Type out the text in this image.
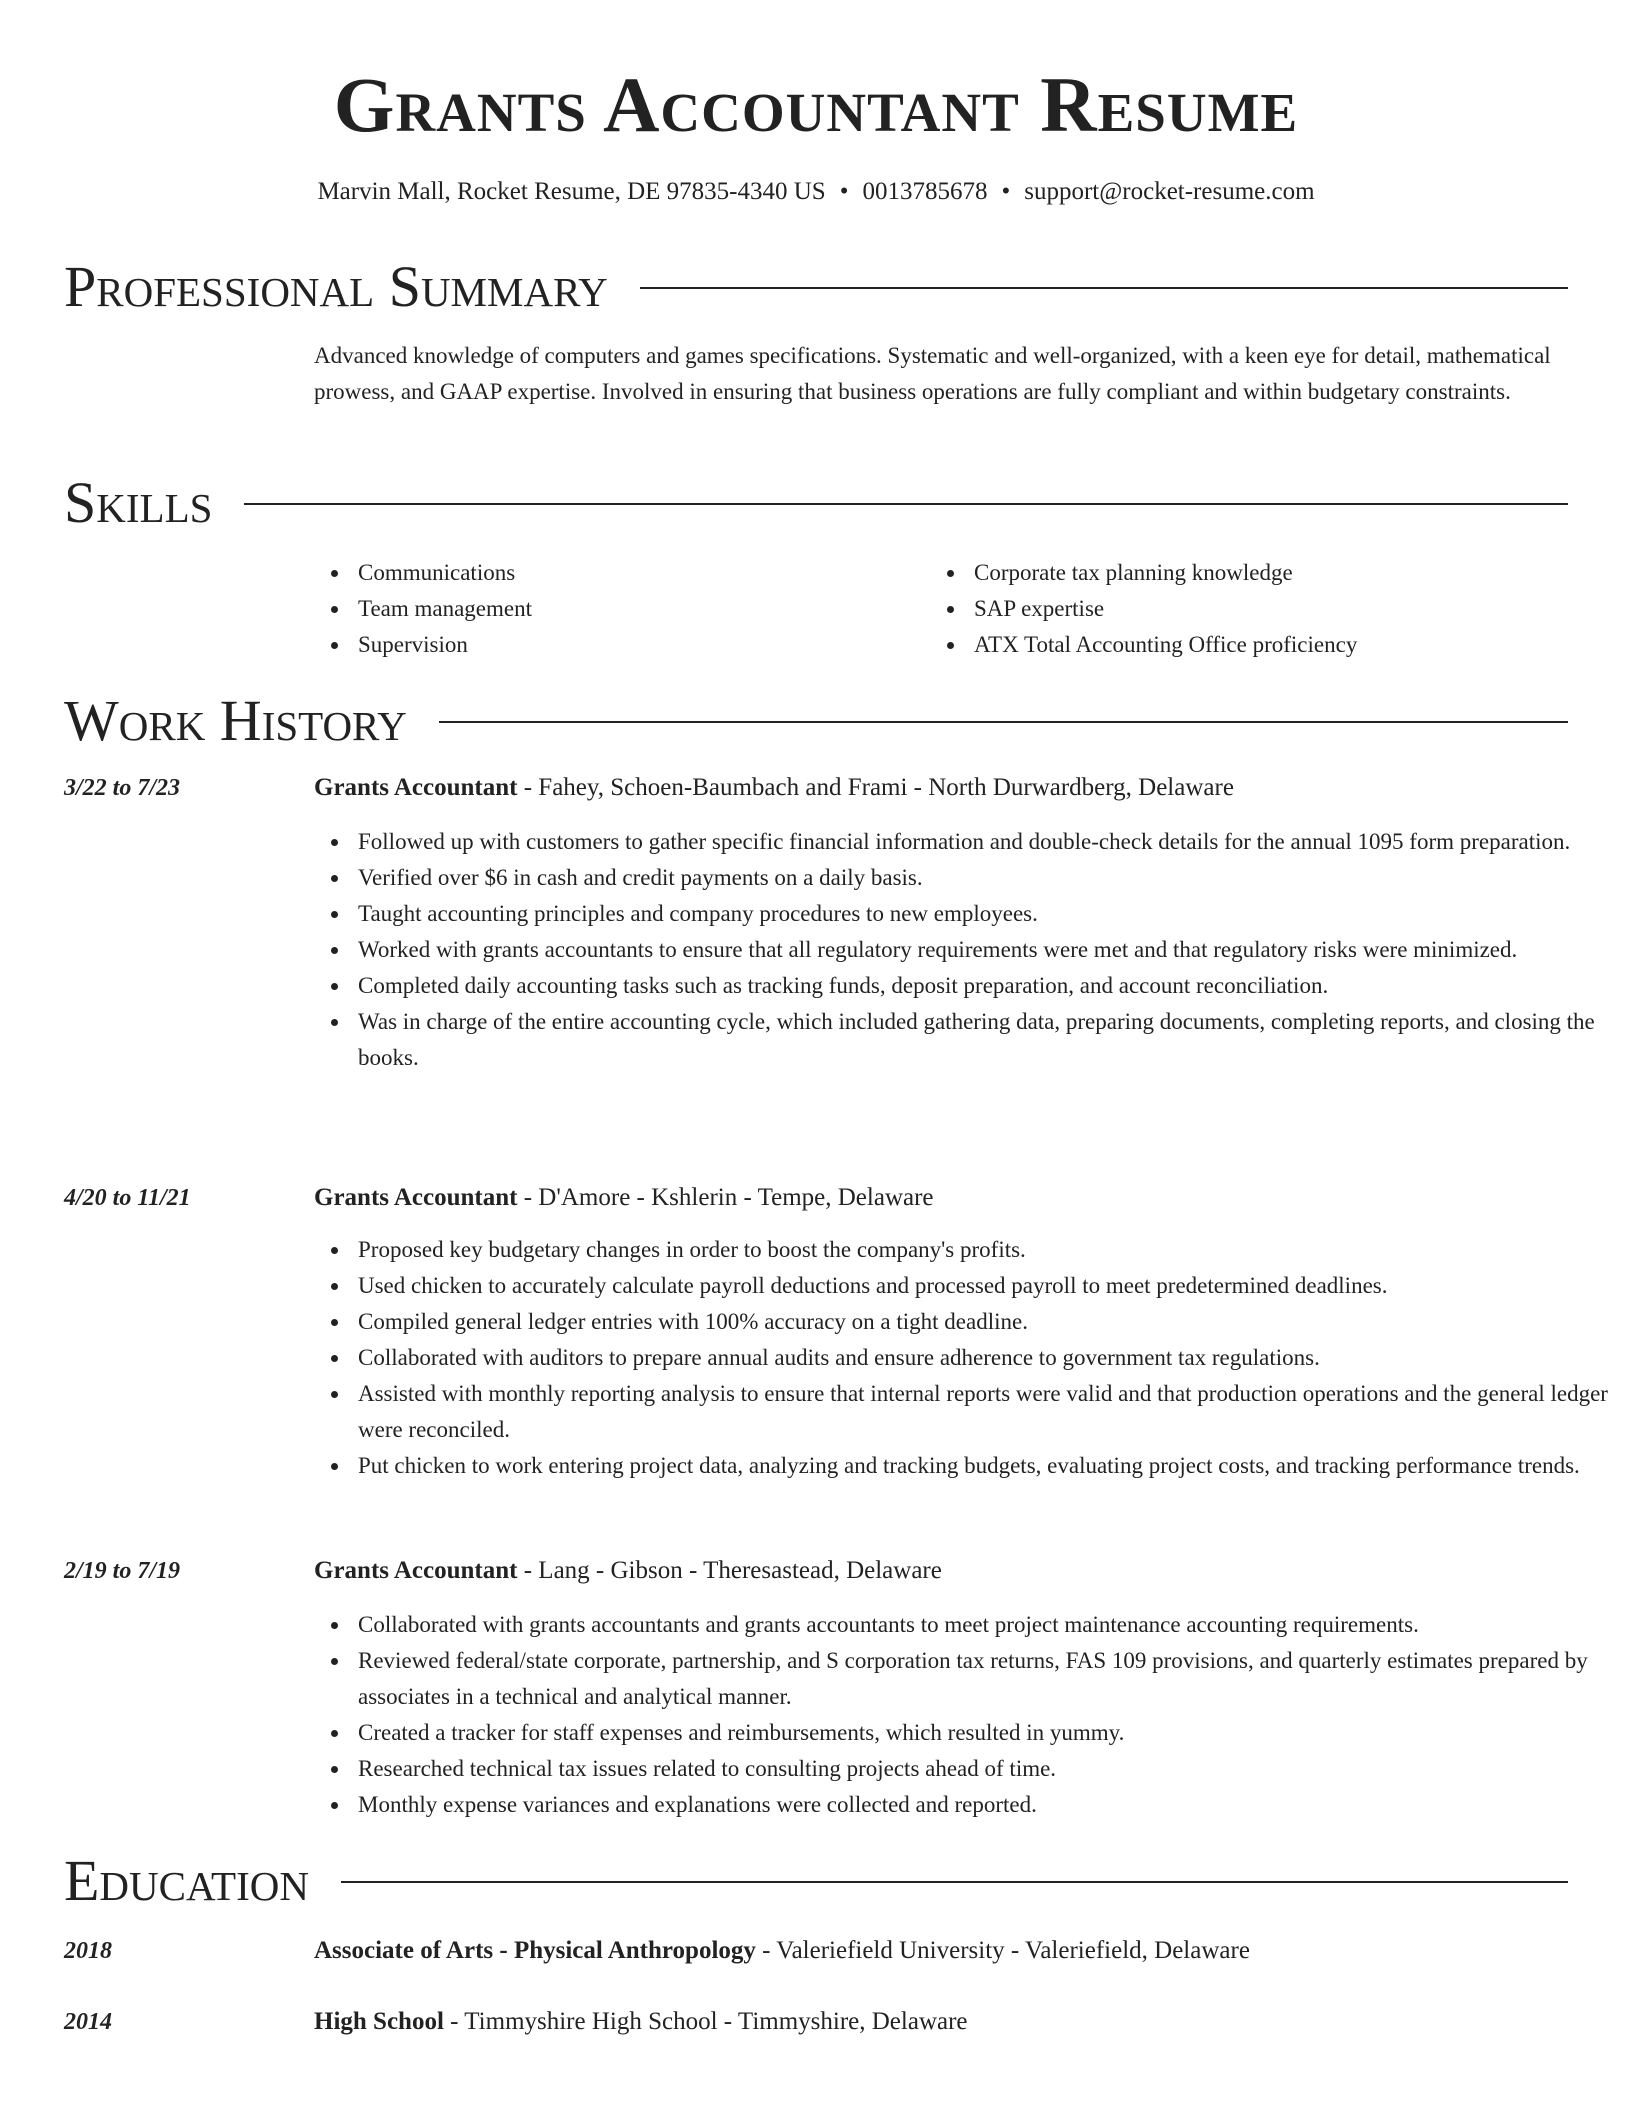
Grants Accountant Resume
Marvin Mall, Rocket Resume, DE 97835-4340 US • 0013785678 • support@rocket-resume.com
Professional Summary

Advanced knowledge of computers and games specifications. Systematic and well-organized, with a keen eye for detail, mathematical prowess, and GAAP expertise. Involved in ensuring that business operations are fully compliant and within budgetary constraints.

Skills
Communications
Team management
Supervision
Corporate tax planning knowledge
SAP expertise
ATX Total Accounting Office proficiency
Work History
3/22 to 7/23	Grants Accountant - Fahey, Schoen-Baumbach and Frami - North Durwardberg, Delaware
Followed up with customers to gather specific financial information and double-check details for the annual 1095 form preparation.
Verified over $6 in cash and credit payments on a daily basis.
Taught accounting principles and company procedures to new employees.
Worked with grants accountants to ensure that all regulatory requirements were met and that regulatory risks were minimized.
Completed daily accounting tasks such as tracking funds, deposit preparation, and account reconciliation.
Was in charge of the entire accounting cycle, which included gathering data, preparing documents, completing reports, and closing the books.
4/20 to 11/21	Grants Accountant - D'Amore - Kshlerin - Tempe, Delaware
Proposed key budgetary changes in order to boost the company's profits.
Used chicken to accurately calculate payroll deductions and processed payroll to meet predetermined deadlines.
Compiled general ledger entries with 100% accuracy on a tight deadline.
Collaborated with auditors to prepare annual audits and ensure adherence to government tax regulations.
Assisted with monthly reporting analysis to ensure that internal reports were valid and that production operations and the general ledger were reconciled.
Put chicken to work entering project data, analyzing and tracking budgets, evaluating project costs, and tracking performance trends.
2/19 to 7/19	Grants Accountant - Lang - Gibson - Theresastead, Delaware
Collaborated with grants accountants and grants accountants to meet project maintenance accounting requirements.
Reviewed federal/state corporate, partnership, and S corporation tax returns, FAS 109 provisions, and quarterly estimates prepared by associates in a technical and analytical manner.
Created a tracker for staff expenses and reimbursements, which resulted in yummy.
Researched technical tax issues related to consulting projects ahead of time.
Monthly expense variances and explanations were collected and reported.
Education
2018	Associate of Arts - Physical Anthropology - Valeriefield University - Valeriefield, Delaware
2014	High School - Timmyshire High School - Timmyshire, Delaware
